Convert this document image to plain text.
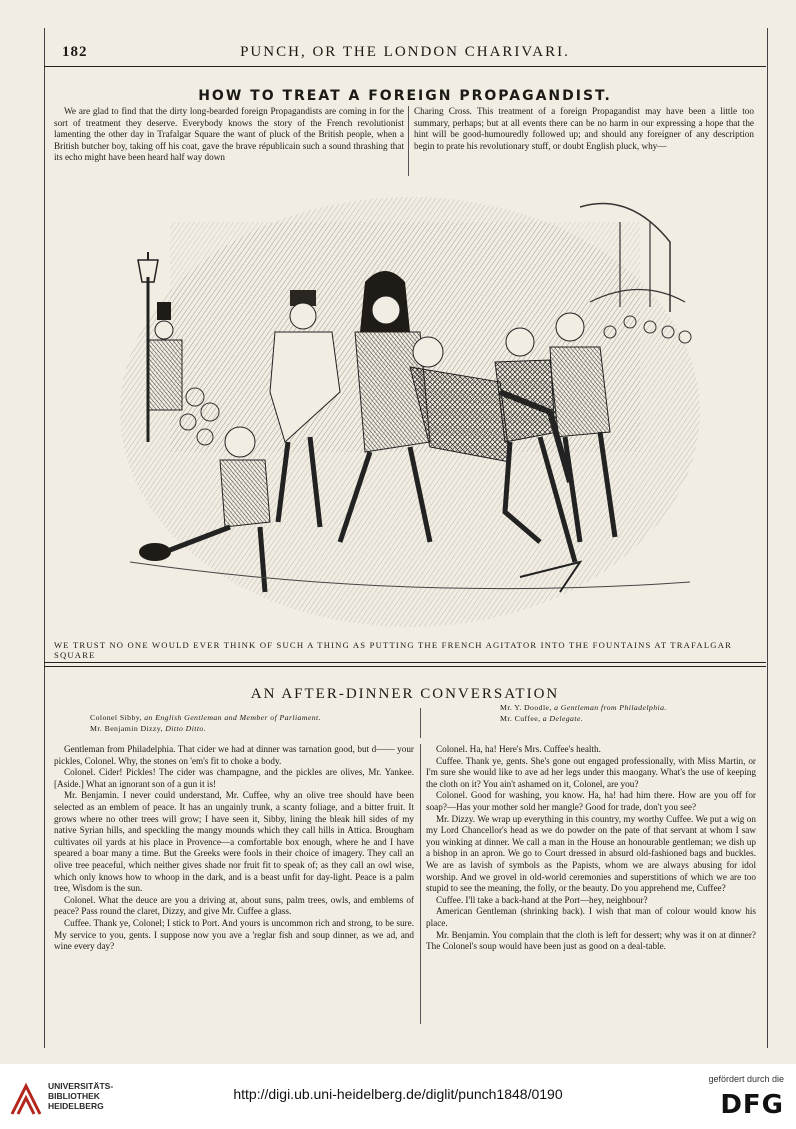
182	PUNCH, OR THE LONDON CHARIVARI.
HOW TO TREAT A FOREIGN PROPAGANDIST.

We are glad to find that the dirty long-bearded foreign Propagandists are coming in for the sort of treatment they deserve. Everybody knows the story of the French revolutionist lamenting the other day in Trafalgar Square the want of pluck of the British people, when a British butcher boy, taking off his coat, gave the brave républicain such a sound thrashing that its echo might have been heard half way down

Charing Cross. This treatment of a foreign Propagandist may have been a little too summary, perhaps; but at all events there can be no harm in our expressing a hope that the hint will be good-humouredly followed up; and should any foreigner of any description begin to prate his revolutionary stuff, or doubt English pluck, why—

WE TRUST NO ONE WOULD EVER THINK OF SUCH A THING AS PUTTING THE FRENCH AGITATOR INTO THE FOUNTAINS AT TRAFALGAR SQUARE
AN AFTER-DINNER CONVERSATION
Colonel Sibby, an English Gentleman and Member of Parliament.
Mr. Benjamin Dizzy, Ditto Ditto.
Mr. Y. Doodle, a Gentleman from Philadelphia.
Mr. Cuffee, a Delegate.

Gentleman from Philadelphia. That cider we had at dinner was tarnation good, but d—— your pickles, Colonel. Why, the stones on 'em's fit to choke a body.

Colonel. Cider! Pickles! The cider was champagne, and the pickles are olives, Mr. Yankee. [Aside.] What an ignorant son of a gun it is!

Mr. Benjamin. I never could understand, Mr. Cuffee, why an olive tree should have been selected as an emblem of peace. It has an ungainly trunk, a scanty foliage, and a bitter fruit. It grows where no other trees will grow; I have seen it, Sibby, lining the bleak hill sides of my native Syrian hills, and speckling the mangy mounds which they call hills in Attica. Brougham cultivates oil yards at his place in Provence—a comfortable box enough, where he and I have speared a boar many a time. But the Greeks were fools in their choice of imagery. They call an olive tree peaceful, which neither gives shade nor fruit fit to speak of; as they call an owl wise, which only knows how to whoop in the dark, and is a beast unfit for day-light. Peace is a palm tree, Wisdom is the sun.

Colonel. What the deuce are you a driving at, about suns, palm trees, owls, and emblems of peace? Pass round the claret, Dizzy, and give Mr. Cuffee a glass.

Cuffee. Thank ye, Colonel; I stick to Port. And yours is uncommon rich and strong, to be sure. My service to you, gents. I suppose now you ave a 'reglar fish and soup dinner, as we ad, and wine every day?

Colonel. Ha, ha! Here's Mrs. Cuffee's health.

Cuffee. Thank ye, gents. She's gone out engaged professionally, with Miss Martin, or I'm sure she would like to ave ad her legs under this maogany. What's the use of keeping the cloth on it? You ain't ashamed on it, Colonel, are you?

Colonel. Good for washing, you know. Ha, ha! had him there. How are you off for soap?—Has your mother sold her mangle? Good for trade, don't you see?

Mr. Dizzy. We wrap up everything in this country, my worthy Cuffee. We put a wig on my Lord Chancellor's head as we do powder on the pate of that servant at whom I saw you winking at dinner. We call a man in the House an honourable gentleman; we dish up a bishop in an apron. We go to Court dressed in absurd old-fashioned bags and buckles. We are as lavish of symbols as the Papists, whom we are always abusing for idol worship. And we grovel in old-world ceremonies and superstitions of which we are too stupid to see the meaning, the folly, or the beauty. Do you apprehend me, Cuffee?

Cuffee. I'll take a back-hand at the Port—hey, neighbour?

American Gentleman (shrinking back). I wish that man of colour would know his place.

Mr. Benjamin. You complain that the cloth is left for dessert; why was it on at dinner? The Colonel's soup would have been just as good on a deal-table.

UNIVERSITÄTS-
BIBLIOTHEK
HEIDELBERG
http://digi.ub.uni-heidelberg.de/diglit/punch1848/0190
gefördert durch die
DFG
